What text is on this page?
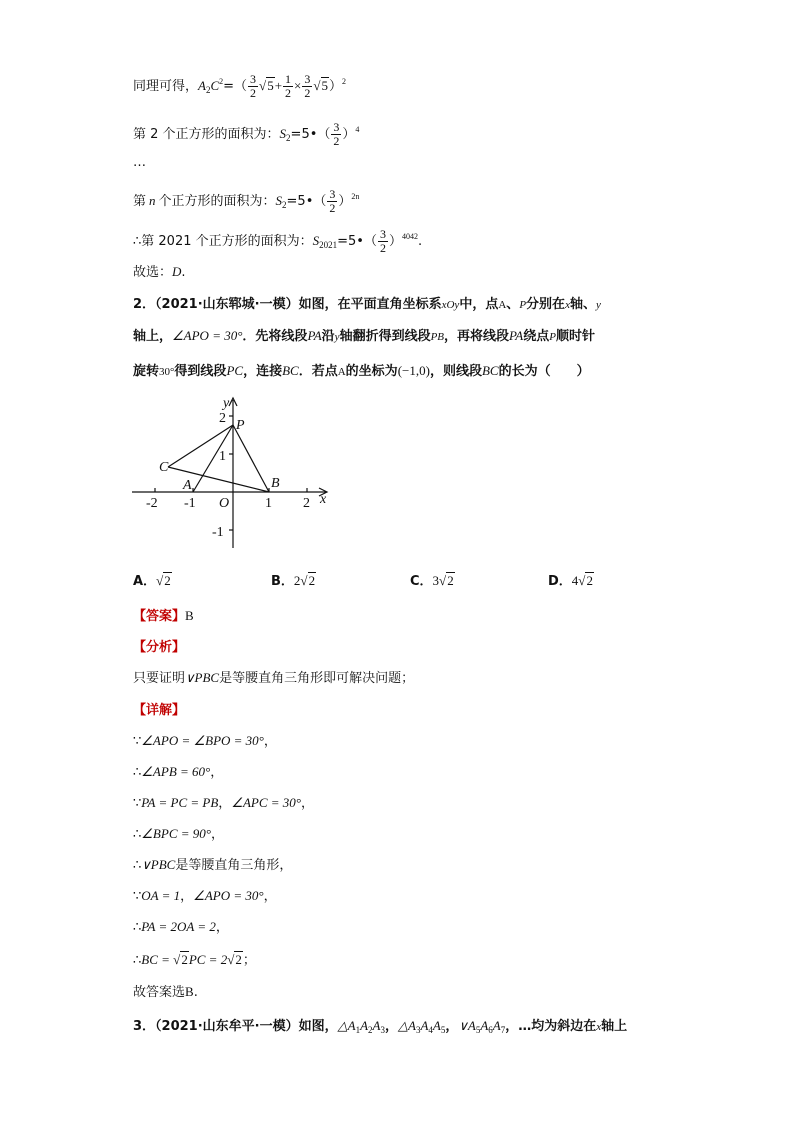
同理可得，$A_2C^2=( \frac{3}{2} √5+ \frac{1}{2} \times \frac{3}{2} √5)^2$
第 2 个正方形的面积为：$S_2=5•( \frac{3}{2} )^4$
…
第 n 个正方形的面积为：$S_2=5•( \frac{3}{2} )^{2n}$
∴第 2021 个正方形的面积为：$S_{2021}=5•( \frac{3}{2} )^{4042}$.
故选：D.
2．（2021·山东郓城·一模）如图，在平面直角坐标系xOy中，点A、P分别在x轴、y
轴上，∠APO = 30°．先将线段PA沿y轴翻折得到线段PB，再将线段PA绕点P顺时针
旋转30°得到线段PC，连接BC．若点A的坐标为(−1,0)，则线段BC的长为（　　）
y
x
P
C
A	B
O
2
1
-1
-2 -1	1 2
A．√2	B．2√2	C．3√2	D．4√2
【答案】B
【分析】
只要证明∨PBC是等腰直角三角形即可解决问题；
【详解】
∵∠APO = ∠BPO = 30°，
∴∠APB = 60°，
∵PA = PC = PB，∠APC = 30°，
∴∠BPC = 90°，
∴∨PBC是等腰直角三角形，
∵OA = 1，∠APO = 30°，
∴PA = 2OA = 2，
∴BC = √2PC = 2√2；
故答案选B.
3．（2021·山东牟平·一模）如图，$\triangle A_1A_2A_3$，$\triangle A_3A_4A_5$，$\vee A_5A_6A_7$，…均为斜边在x轴上
